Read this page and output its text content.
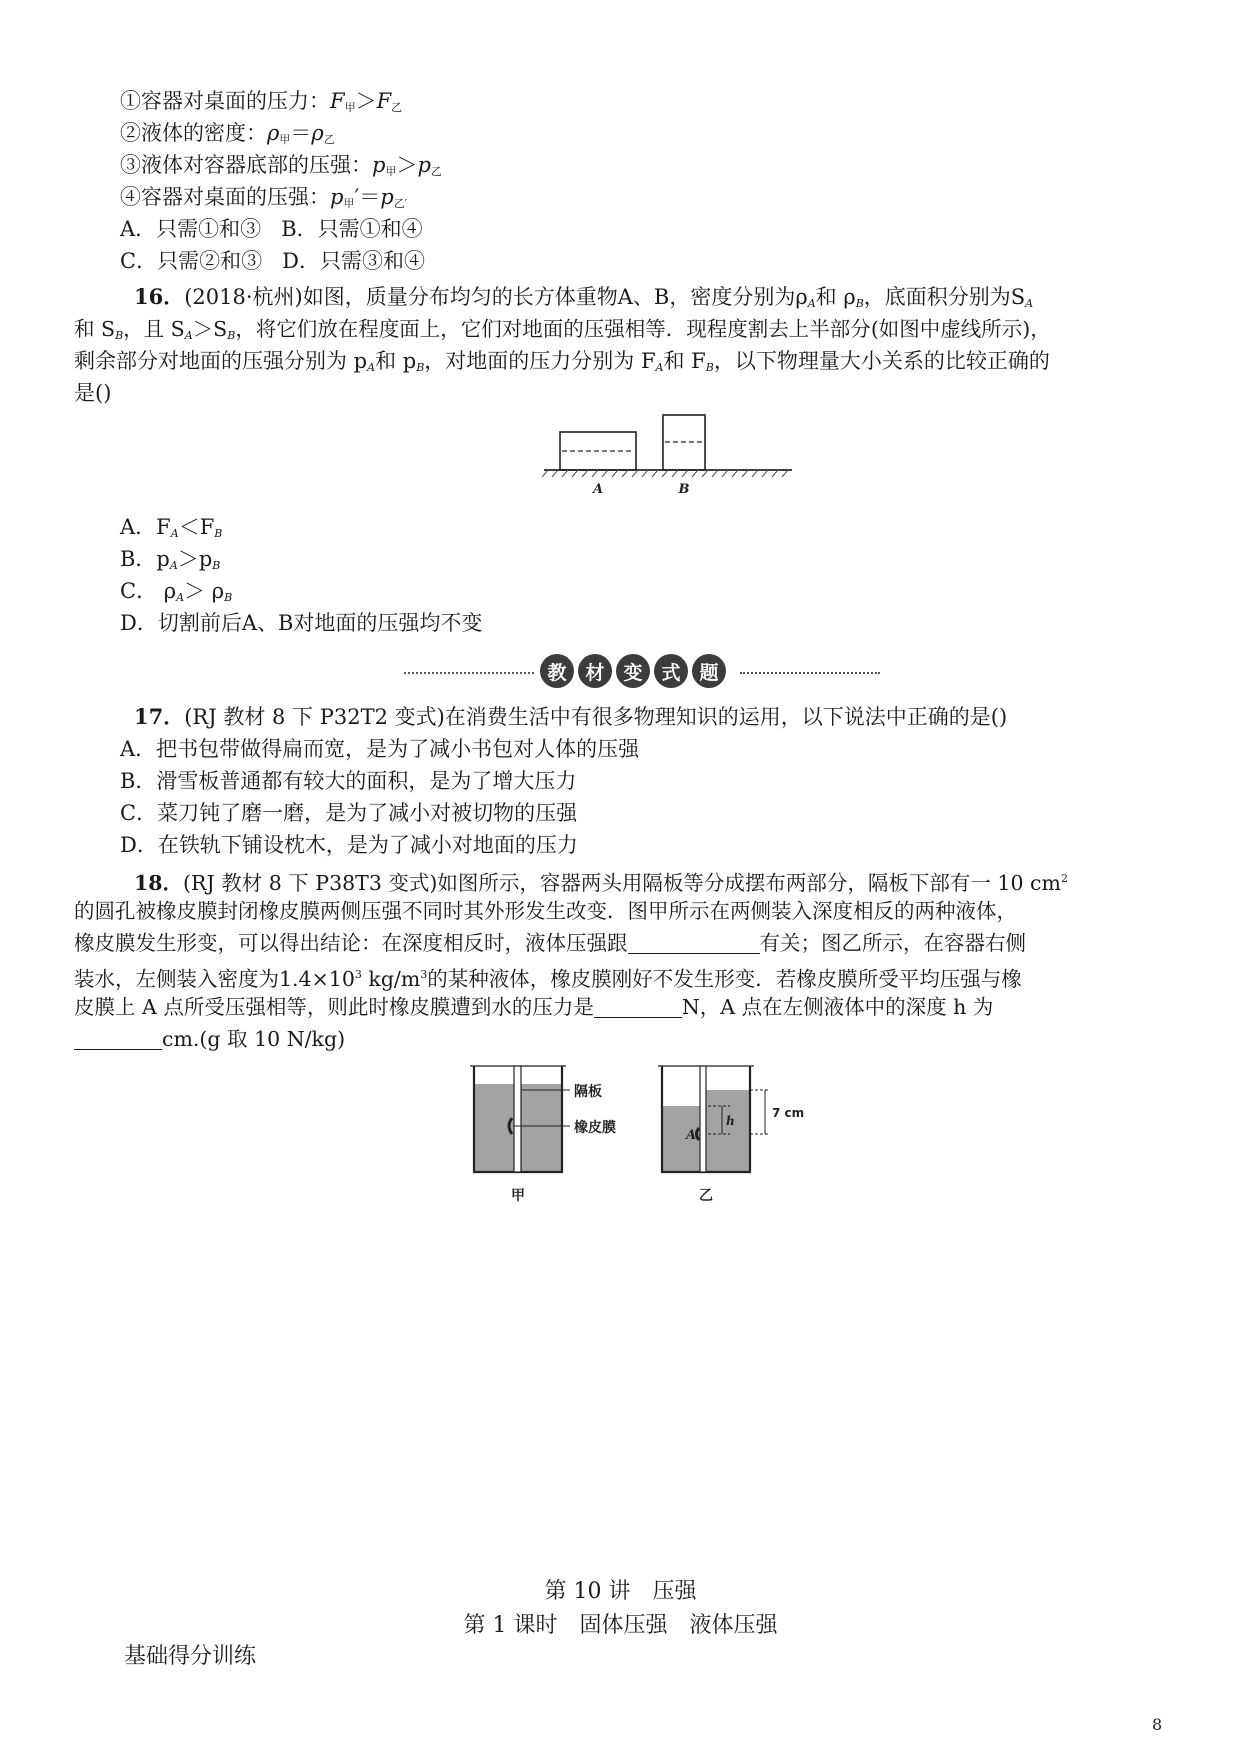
①容器对桌面的压力：$F_甲>F_乙$
②液体的密度：$\rho_甲=\rho_乙$
③液体对容器底部的压强：$p_甲>p_乙$
④容器对桌面的压强：$p_甲'=p_{乙'}$
A．只需①和③ B．只需①和④
C．只需②和③ D．只需③和④
16．(2018·杭州)如图，质量分布均匀的长方体重物A、B，密度分别为$\rho_A$和 $\rho_B$，底面积分别为$S_A$
和 $S_B$，且 $S_A>S_B$，将它们放在程度面上，它们对地面的压强相等．现程度割去上半部分(如图中虚线所示)，
剩余部分对地面的压强分别为 $p_A$和 $p_B$，对地面的压力分别为 $F_A$和 $F_B$，以下物理量大小关系的比较正确的
是()
A	B
A．$F_A<F_B$
B．$p_A>p_B$
C． $\rho_A> \rho_B$
D．切割前后A、B对地面的压强均不变
教 材 变 式 题
17．(RJ 教材 8 下 P32T2 变式)在消费生活中有很多物理知识的运用，以下说法中正确的是()
A．把书包带做得扁而宽，是为了减小书包对人体的压强
B．滑雪板普通都有较大的面积，是为了增大压力
C．菜刀钝了磨一磨，是为了减小对被切物的压强
D．在铁轨下铺设枕木，是为了减小对地面的压力
18．(RJ 教材 8 下 P38T3 变式)如图所示，容器两头用隔板等分成摆布两部分，隔板下部有一 10 $cm^2$
的圆孔被橡皮膜封闭橡皮膜两侧压强不同时其外形发生改变．图甲所示在两侧装入深度相反的两种液体，
橡皮膜发生形变，可以得出结论：在深度相反时，液体压强跟	有关；图乙所示，在容器右侧
装水，左侧装入密度为$1.4\times 10^3$ $kg/m^3$的某种液体，橡皮膜刚好不发生形变．若橡皮膜所受平均压强与橡
皮膜上 A 点所受压强相等，则此时橡皮膜遭到水的压力是	N，A 点在左侧液体中的深度 h 为
cm.(g 取 10 N/kg)
隔板
橡皮膜
甲
A
h
7 cm
乙
第 10 讲　压强
第 1 课时　固体压强　液体压强
基础得分训练
8
